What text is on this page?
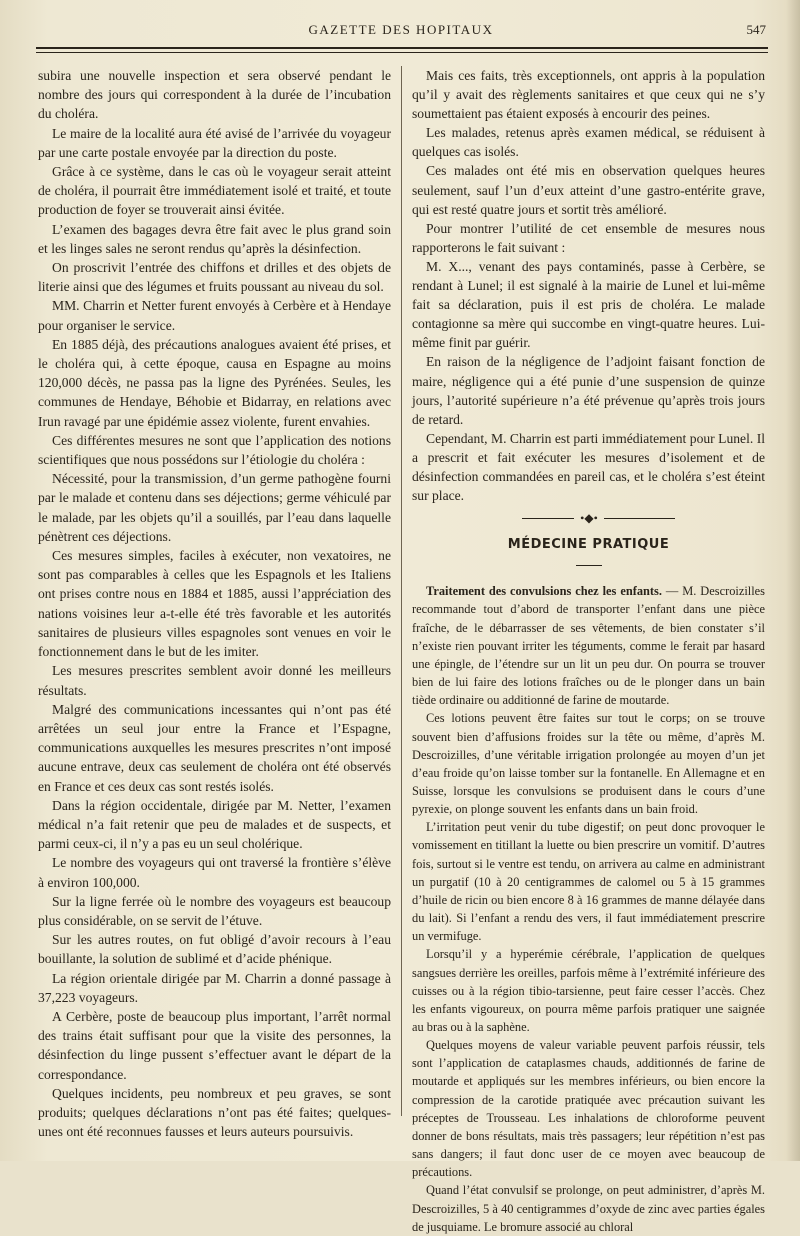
GAZETTE DES HOPITAUX	547

subira une nouvelle inspection et sera observé pendant le nombre des jours qui correspondent à la durée de l’incubation du choléra.

Le maire de la localité aura été avisé de l’arrivée du voyageur par une carte postale envoyée par la direction du poste.

Grâce à ce système, dans le cas où le voyageur serait atteint de choléra, il pourrait être immédiatement isolé et traité, et toute production de foyer se trouverait ainsi évitée.

L’examen des bagages devra être fait avec le plus grand soin et les linges sales ne seront rendus qu’après la désinfection.

On proscrivit l’entrée des chiffons et drilles et des objets de literie ainsi que des légumes et fruits poussant au niveau du sol.

MM. Charrin et Netter furent envoyés à Cerbère et à Hendaye pour organiser le service.

En 1885 déjà, des précautions analogues avaient été prises, et le choléra qui, à cette époque, causa en Espagne au moins 120,000 décès, ne passa pas la ligne des Pyrénées. Seules, les communes de Hendaye, Béhobie et Bidarray, en relations avec Irun ravagé par une épidémie assez violente, furent envahies.

Ces différentes mesures ne sont que l’application des notions scientifiques que nous possédons sur l’étiologie du choléra :

Nécessité, pour la transmission, d’un germe pathogène fourni par le malade et contenu dans ses déjections; germe véhiculé par le malade, par les objets qu’il a souillés, par l’eau dans laquelle pénètrent ces déjections.

Ces mesures simples, faciles à exécuter, non vexatoires, ne sont pas comparables à celles que les Espagnols et les Italiens ont prises contre nous en 1884 et 1885, aussi l’appréciation des nations voisines leur a-t-elle été très favorable et les autorités sanitaires de plusieurs villes espagnoles sont venues en voir le fonctionnement dans le but de les imiter.

Les mesures prescrites semblent avoir donné les meilleurs résultats.

Malgré des communications incessantes qui n’ont pas été arrêtées un seul jour entre la France et l’Espagne, communications auxquelles les mesures prescrites n’ont imposé aucune entrave, deux cas seulement de choléra ont été observés en France et ces deux cas sont restés isolés.

Dans la région occidentale, dirigée par M. Netter, l’examen médical n’a fait retenir que peu de malades et de suspects, et parmi ceux-ci, il n’y a pas eu un seul cholérique.

Le nombre des voyageurs qui ont traversé la frontière s’élève à environ 100,000.

Sur la ligne ferrée où le nombre des voyageurs est beaucoup plus considérable, on se servit de l’étuve.

Sur les autres routes, on fut obligé d’avoir recours à l’eau bouillante, la solution de sublimé et d’acide phénique.

La région orientale dirigée par M. Charrin a donné passage à 37,223 voyageurs.

A Cerbère, poste de beaucoup plus important, l’arrêt normal des trains était suffisant pour que la visite des personnes, la désinfection du linge pussent s’effectuer avant le départ de la correspondance.

Quelques incidents, peu nombreux et peu graves, se sont produits; quelques déclarations n’ont pas été faites; quelques-unes ont été reconnues fausses et leurs auteurs poursuivis.

Mais ces faits, très exceptionnels, ont appris à la population qu’il y avait des règlements sanitaires et que ceux qui ne s’y soumettaient pas étaient exposés à encourir des peines.

Les malades, retenus après examen médical, se réduisent à quelques cas isolés.

Ces malades ont été mis en observation quelques heures seulement, sauf l’un d’eux atteint d’une gastro-entérite grave, qui est resté quatre jours et sortit très amélioré.

Pour montrer l’utilité de cet ensemble de mesures nous rapporterons le fait suivant :

M. X..., venant des pays contaminés, passe à Cerbère, se rendant à Lunel; il est signalé à la mairie de Lunel et lui-même fait sa déclaration, puis il est pris de choléra. Le malade contagionne sa mère qui succombe en vingt-quatre heures. Lui-même finit par guérir.

En raison de la négligence de l’adjoint faisant fonction de maire, négligence qui a été punie d’une suspension de quinze jours, l’autorité supérieure n’a été prévenue qu’après trois jours de retard.

Cependant, M. Charrin est parti immédiatement pour Lunel. Il a prescrit et fait exécuter les mesures d’isolement et de désinfection commandées en pareil cas, et le choléra s’est éteint sur place.

•◆•
MÉDECINE PRATIQUE

Traitement des convulsions chez les enfants. — M. Descroizilles recommande tout d’abord de transporter l’enfant dans une pièce fraîche, de le débarrasser de ses vêtements, de bien constater s’il n’existe rien pouvant irriter les téguments, comme le ferait par hasard une épingle, de l’étendre sur un lit un peu dur. On pourra se trouver bien de lui faire des lotions fraîches ou de le plonger dans un bain tiède ordinaire ou additionné de farine de moutarde.

Ces lotions peuvent être faites sur tout le corps; on se trouve souvent bien d’affusions froides sur la tête ou même, d’après M. Descroizilles, d’une véritable irrigation prolongée au moyen d’un jet d’eau froide qu’on laisse tomber sur la fontanelle. En Allemagne et en Suisse, lorsque les convulsions se produisent dans le cours d’une pyrexie, on plonge souvent les enfants dans un bain froid.

L’irritation peut venir du tube digestif; on peut donc provoquer le vomissement en titillant la luette ou bien prescrire un vomitif. D’autres fois, surtout si le ventre est tendu, on arrivera au calme en administrant un purgatif (10 à 20 centigrammes de calomel ou 5 à 15 grammes d’huile de ricin ou bien encore 8 à 16 grammes de manne délayée dans du lait). Si l’enfant a rendu des vers, il faut immédiatement prescrire un vermifuge.

Lorsqu’il y a hyperémie cérébrale, l’application de quelques sangsues derrière les oreilles, parfois même à l’extrémité inférieure des cuisses ou à la région tibio-tarsienne, peut faire cesser l’accès. Chez les enfants vigoureux, on pourra même parfois pratiquer une saignée au bras ou à la saphène.

Quelques moyens de valeur variable peuvent parfois réussir, tels sont l’application de cataplasmes chauds, additionnés de farine de moutarde et appliqués sur les membres inférieurs, ou bien encore la compression de la carotide pratiquée avec précaution suivant les préceptes de Trousseau. Les inhalations de chloroforme peuvent donner de bons résultats, mais très passagers; leur répétition n’est pas sans dangers; il faut donc user de ce moyen avec beaucoup de précautions.

Quand l’état convulsif se prolonge, on peut administrer, d’après M. Descroizilles, 5 à 40 centigrammes d’oxyde de zinc avec parties égales de jusquiame. Le bromure associé au chloral
